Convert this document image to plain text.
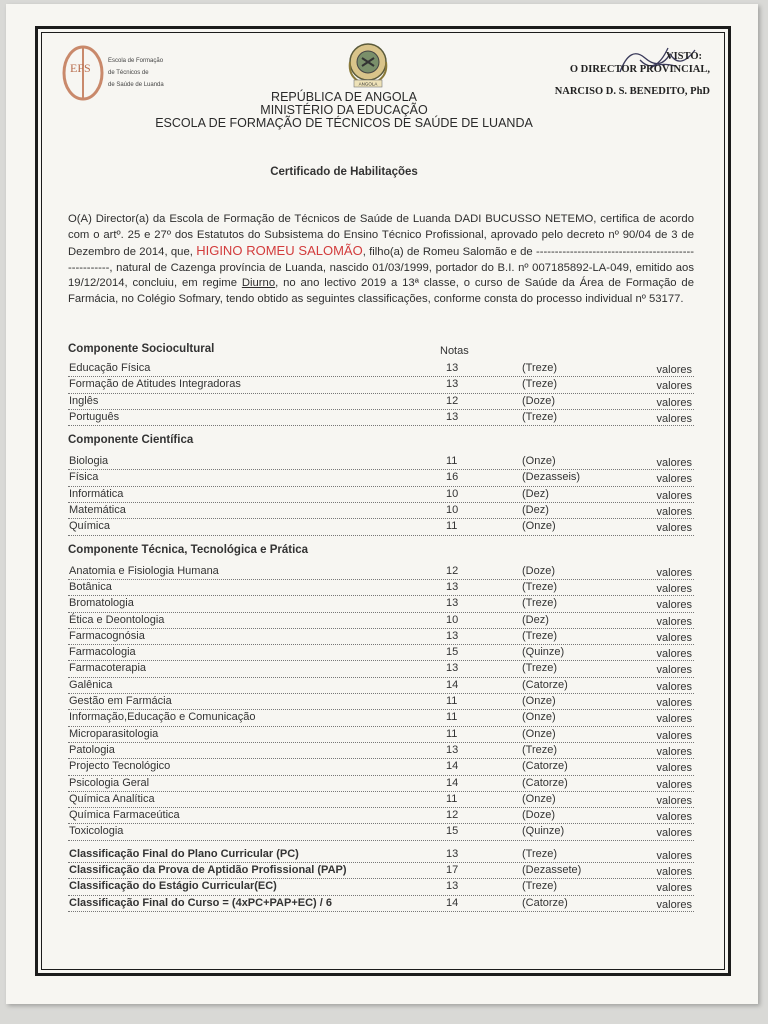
EFS	Escola de Formação
de Técnicos de
de Saúde de Luanda	ANGOLA
VISTO:
O DIRECTOR PROVINCIAL,
NARCISO D. S. BENEDITO, PhD
REPÚBLICA DE ANGOLA
MINISTÉRIO DA EDUCAÇÃO
ESCOLA DE FORMAÇÃO DE TÉCNICOS DE SAÚDE DE LUANDA
Certificado de Habilitações
O(A) Director(a) da Escola de Formação de Técnicos de Saúde de Luanda DADI BUCUSSO NETEMO, certifica de acordo com o artº. 25 e 27º dos Estatutos do Subsistema do Ensino Técnico Profissional, aprovado pelo decreto nº 90/04 de 3 de Dezembro de 2014, que, HIGINO ROMEU SALOMÃO, filho(a) de Romeu Salomão e de -----------------------------------------------------, natural de Cazenga província de Luanda, nascido 01/03/1999, portador do B.I. nº 007185892-LA-049, emitido aos 19/12/2014, concluiu, em regime Diurno, no ano lectivo 2019 a 13ª classe, o curso de Saúde da Área de Formação de Farmácia, no Colégio Sofmary, tendo obtido as seguintes classificações, conforme consta do processo individual nº 53177.
Componente Sociocultural	Notas
Educação Física	13	(Treze)	valores
Formação de Atitudes Integradoras	13	(Treze)	valores
Inglês	12	(Doze)	valores
Português	13	(Treze)	valores
Componente Científica
Biologia	11	(Onze)	valores
Física	16	(Dezasseis)	valores
Informática	10	(Dez)	valores
Matemática	10	(Dez)	valores
Química	11	(Onze)	valores
Componente Técnica, Tecnológica e Prática
Anatomia e Fisiologia Humana	12	(Doze)	valores
Botânica	13	(Treze)	valores
Bromatologia	13	(Treze)	valores
Ética e Deontologia	10	(Dez)	valores
Farmacognósia	13	(Treze)	valores
Farmacologia	15	(Quinze)	valores
Farmacoterapia	13	(Treze)	valores
Galênica	14	(Catorze)	valores
Gestão em Farmácia	11	(Onze)	valores
Informação,Educação e Comunicação	11	(Onze)	valores
Microparasitologia	11	(Onze)	valores
Patologia	13	(Treze)	valores
Projecto Tecnológico	14	(Catorze)	valores
Psicologia Geral	14	(Catorze)	valores
Química Analítica	11	(Onze)	valores
Química Farmaceútica	12	(Doze)	valores
Toxicologia	15	(Quinze)	valores
Classificação Final do Plano Curricular (PC)	13	(Treze)	valores
Classificação da Prova de Aptidão Profissional (PAP)	17	(Dezassete)	valores
Classificação do Estágio Curricular(EC)	13	(Treze)	valores
Classificação Final do Curso = (4xPC+PAP+EC) / 6	14	(Catorze)	valores
